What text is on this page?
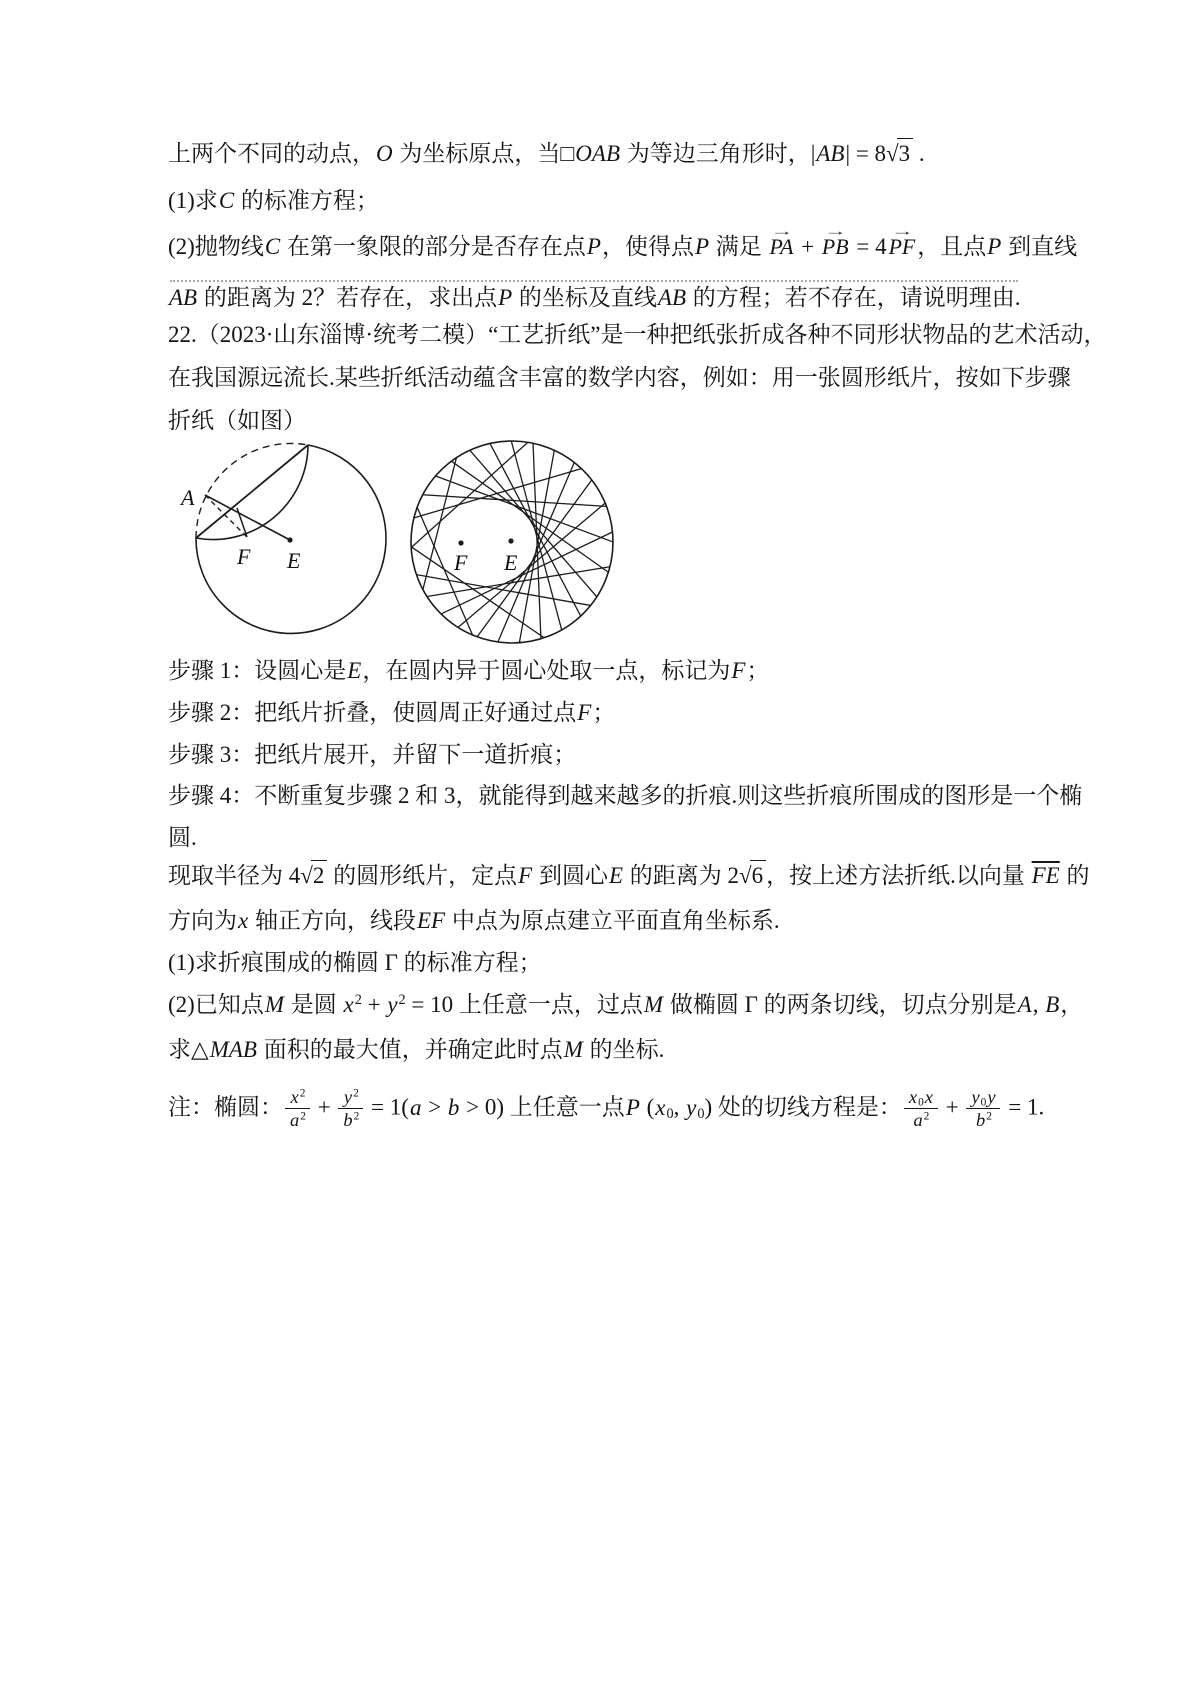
上两个不同的动点，O 为坐标原点，当□OAB 为等边三角形时，|AB| = 8 √ 3 .
(1)求C 的标准方程；
(2)抛物线C 在第一象限的部分是否存在点P，使得点P 满足
→
PA +
→
PB = 4
→
PF ，且点P 到直线
AB 的距离为 2？若存在，求出点P 的坐标及直线AB 的方程；若不存在，请说明理由.
22.（2023·山东淄博·统考二模）“工艺折纸”是一种把纸张折成各种不同形状物品的艺术活动，
在我国源远流长.某些折纸活动蕴含丰富的数学内容，例如：用一张圆形纸片，按如下步骤
折纸（如图）
A
F E	F E
步骤 1：设圆心是E，在圆内异于圆心处取一点，标记为F；
步骤 2：把纸片折叠，使圆周正好通过点F；
步骤 3：把纸片展开，并留下一道折痕；
步骤 4：不断重复步骤 2 和 3，就能得到越来越多的折痕.则这些折痕所围成的图形是一个椭
圆.
现取半径为 4 √ 2 的圆形纸片，定点F 到圆心E 的距离为 2 √ 6 ，按上述方法折纸.以向量 $\overline{FE}$ 的
方向为x 轴正方向，线段EF 中点为原点建立平面直角坐标系.
(1)求折痕围成的椭圆 Γ 的标准方程；
(2)已知点M 是圆 $x^2 + y^2 = 10$ 上任意一点，过点M 做椭圆 Γ 的两条切线，切点分别是A, B，
求△MAB 面积的最大值，并确定此时点M 的坐标.
注：椭圆： $\frac{x^2}{a^2} + \frac{y^2}{b^2} = 1(a > b > 0)$ 上任意一点P ($x_0$, $y_0$) 处的切线方程是： $\frac{x_0x}{a^2} + \frac{y_0y}{b^2} = 1$.
